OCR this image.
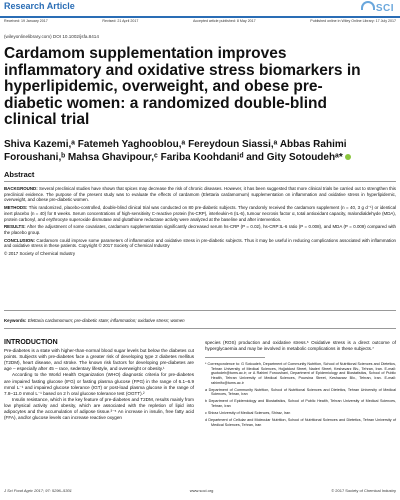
Research Article	SCI
Received: 19 January 2017	Revised: 21 April 2017	Accepted article published: 8 May 2017	Published online in Wiley Online Library: 17 July 2017
(wileyonlinelibrary.com) DOI 10.1002/jsfa.8414
Cardamom supplementation improves inflammatory and oxidative stress biomarkers in hyperlipidemic, overweight, and obese pre-diabetic women: a randomized double-blind clinical trial

Shiva Kazemi,ᵃ Fatemeh Yaghooblou,ᵃ Fereydoun Siassi,ᵃ Abbas Rahimi Foroushani,ᵇ Mahsa Ghavipour,ᶜ Fariba Koohdaniᵈ and Gity Sotoudehᵃ*

Abstract

BACKGROUND: Several preclinical studies have shown that spices may decrease the risk of chronic diseases. However, it has been suggested that more clinical trials be carried out to strengthen this preclinical evidence. The purpose of the present study was to evaluate the effects of cardamom (Elettaria cardamomum) supplementation on inflammation and oxidative stress in hyperlipidemic, overweight, and obese pre-diabetic women.

METHODS: This randomized, placebo-controlled, double-blind clinical trial was conducted on 80 pre-diabetic subjects. They randomly received the cardamom supplement (n = 40, 3 g d⁻¹) or identical inert placebo (n = 40) for 8 weeks. Serum concentrations of high-sensitivity C-reactive protein (hs-CRP), interleukin-6 (IL-6), tumour necrosis factor α, total antioxidant capacity, malondialdehyde (MDA), protein carbonyl, and erythrocyte superoxide dismutase and glutathione reductase activity were analyzed at the baseline and after intervention.

RESULTS: After the adjustment of some covariates, cardamom supplementation significantly decreased serum hs-CRP (P = 0.02), hs-CRP:IL-6 ratio (P = 0.008), and MDA (P = 0.009) compared with the placebo group.

CONCLUSION: Cardamom could improve some parameters of inflammation and oxidative stress in pre-diabetic subjects. Thus it may be useful in reducing complications associated with inflammation and oxidative stress in these patients. Copyright © 2017 Society of Chemical Industry

© 2017 Society of Chemical Industry

Keywords: Elettaria cardamomum; pre-diabetic state; inflammation; oxidative stress; women
INTRODUCTION

Pre-diabetes is a state with higher-than-normal blood sugar levels but below the diabetes cut points. Subjects with pre-diabetes face a greater risk of developing type 2 diabetes mellitus (T2DM), heart disease, and stroke. The known risk factors for developing pre-diabetes are age – especially after 45 – race, sedentary lifestyle, and overweight or obesity.¹

According to the World Health Organization (WHO) diagnostic criteria for pre-diabetes are impaired fasting glucose (IFG) or fasting plasma glucose (FPG) in the range of 6.1–6.9 mmol L⁻¹ and impaired glucose tolerance (IGT) or post-load plasma glucose in the range of 7.8–11.0 mmol L⁻¹ based on 2 h oral glucose tolerance test (OGTT).²

Insulin resistance, which is the key feature of pre-diabetes and T2DM, results mainly from low physical activity and obesity, which are associated with the repletion of lipid into adipocytes and the accumulation of adipose tissue.³⁻⁵ An increase in insulin, free fatty acid (FFA), and/or glucose levels can increase reactive oxygen

species (ROS) production and oxidative stress.⁶ Oxidative stress is a direct outcome of hyperglycaemia and may be involved in metabolic complications in these subjects.⁷

* Correspondence to: G Sotoudeh, Department of Community Nutrition, School of Nutritional Sciences and Dietetics, Tehran University of Medical Sciences, Hojjatdost Street, Naderi Street, Keshavarz Blv., Tehran, Iran. E-mail: gsotodeh@tums.ac.ir; or A Rahimi Foroushani, Department of Epidemiology and Biostatistics, School of Public Health, Tehran University of Medical Sciences, Poursina Street, Keshavarz Blv., Tehran, Iran. E-mail: rahimifo@tums.ac.ir

a Department of Community Nutrition, School of Nutritional Sciences and Dietetics, Tehran University of Medical Sciences, Tehran, Iran

b Department of Epidemiology and Biostatistics, School of Public Health, Tehran University of Medical Sciences, Tehran, Iran

c Shiraz University of Medical Sciences, Shiraz, Iran

d Department of Cellular and Molecular Nutrition, School of Nutritional Sciences and Dietetics, Tehran University of Medical Sciences, Tehran, Iran

J Sci Food Agric 2017; 97: 5296–5301	www.soci.org	© 2017 Society of Chemical Industry
